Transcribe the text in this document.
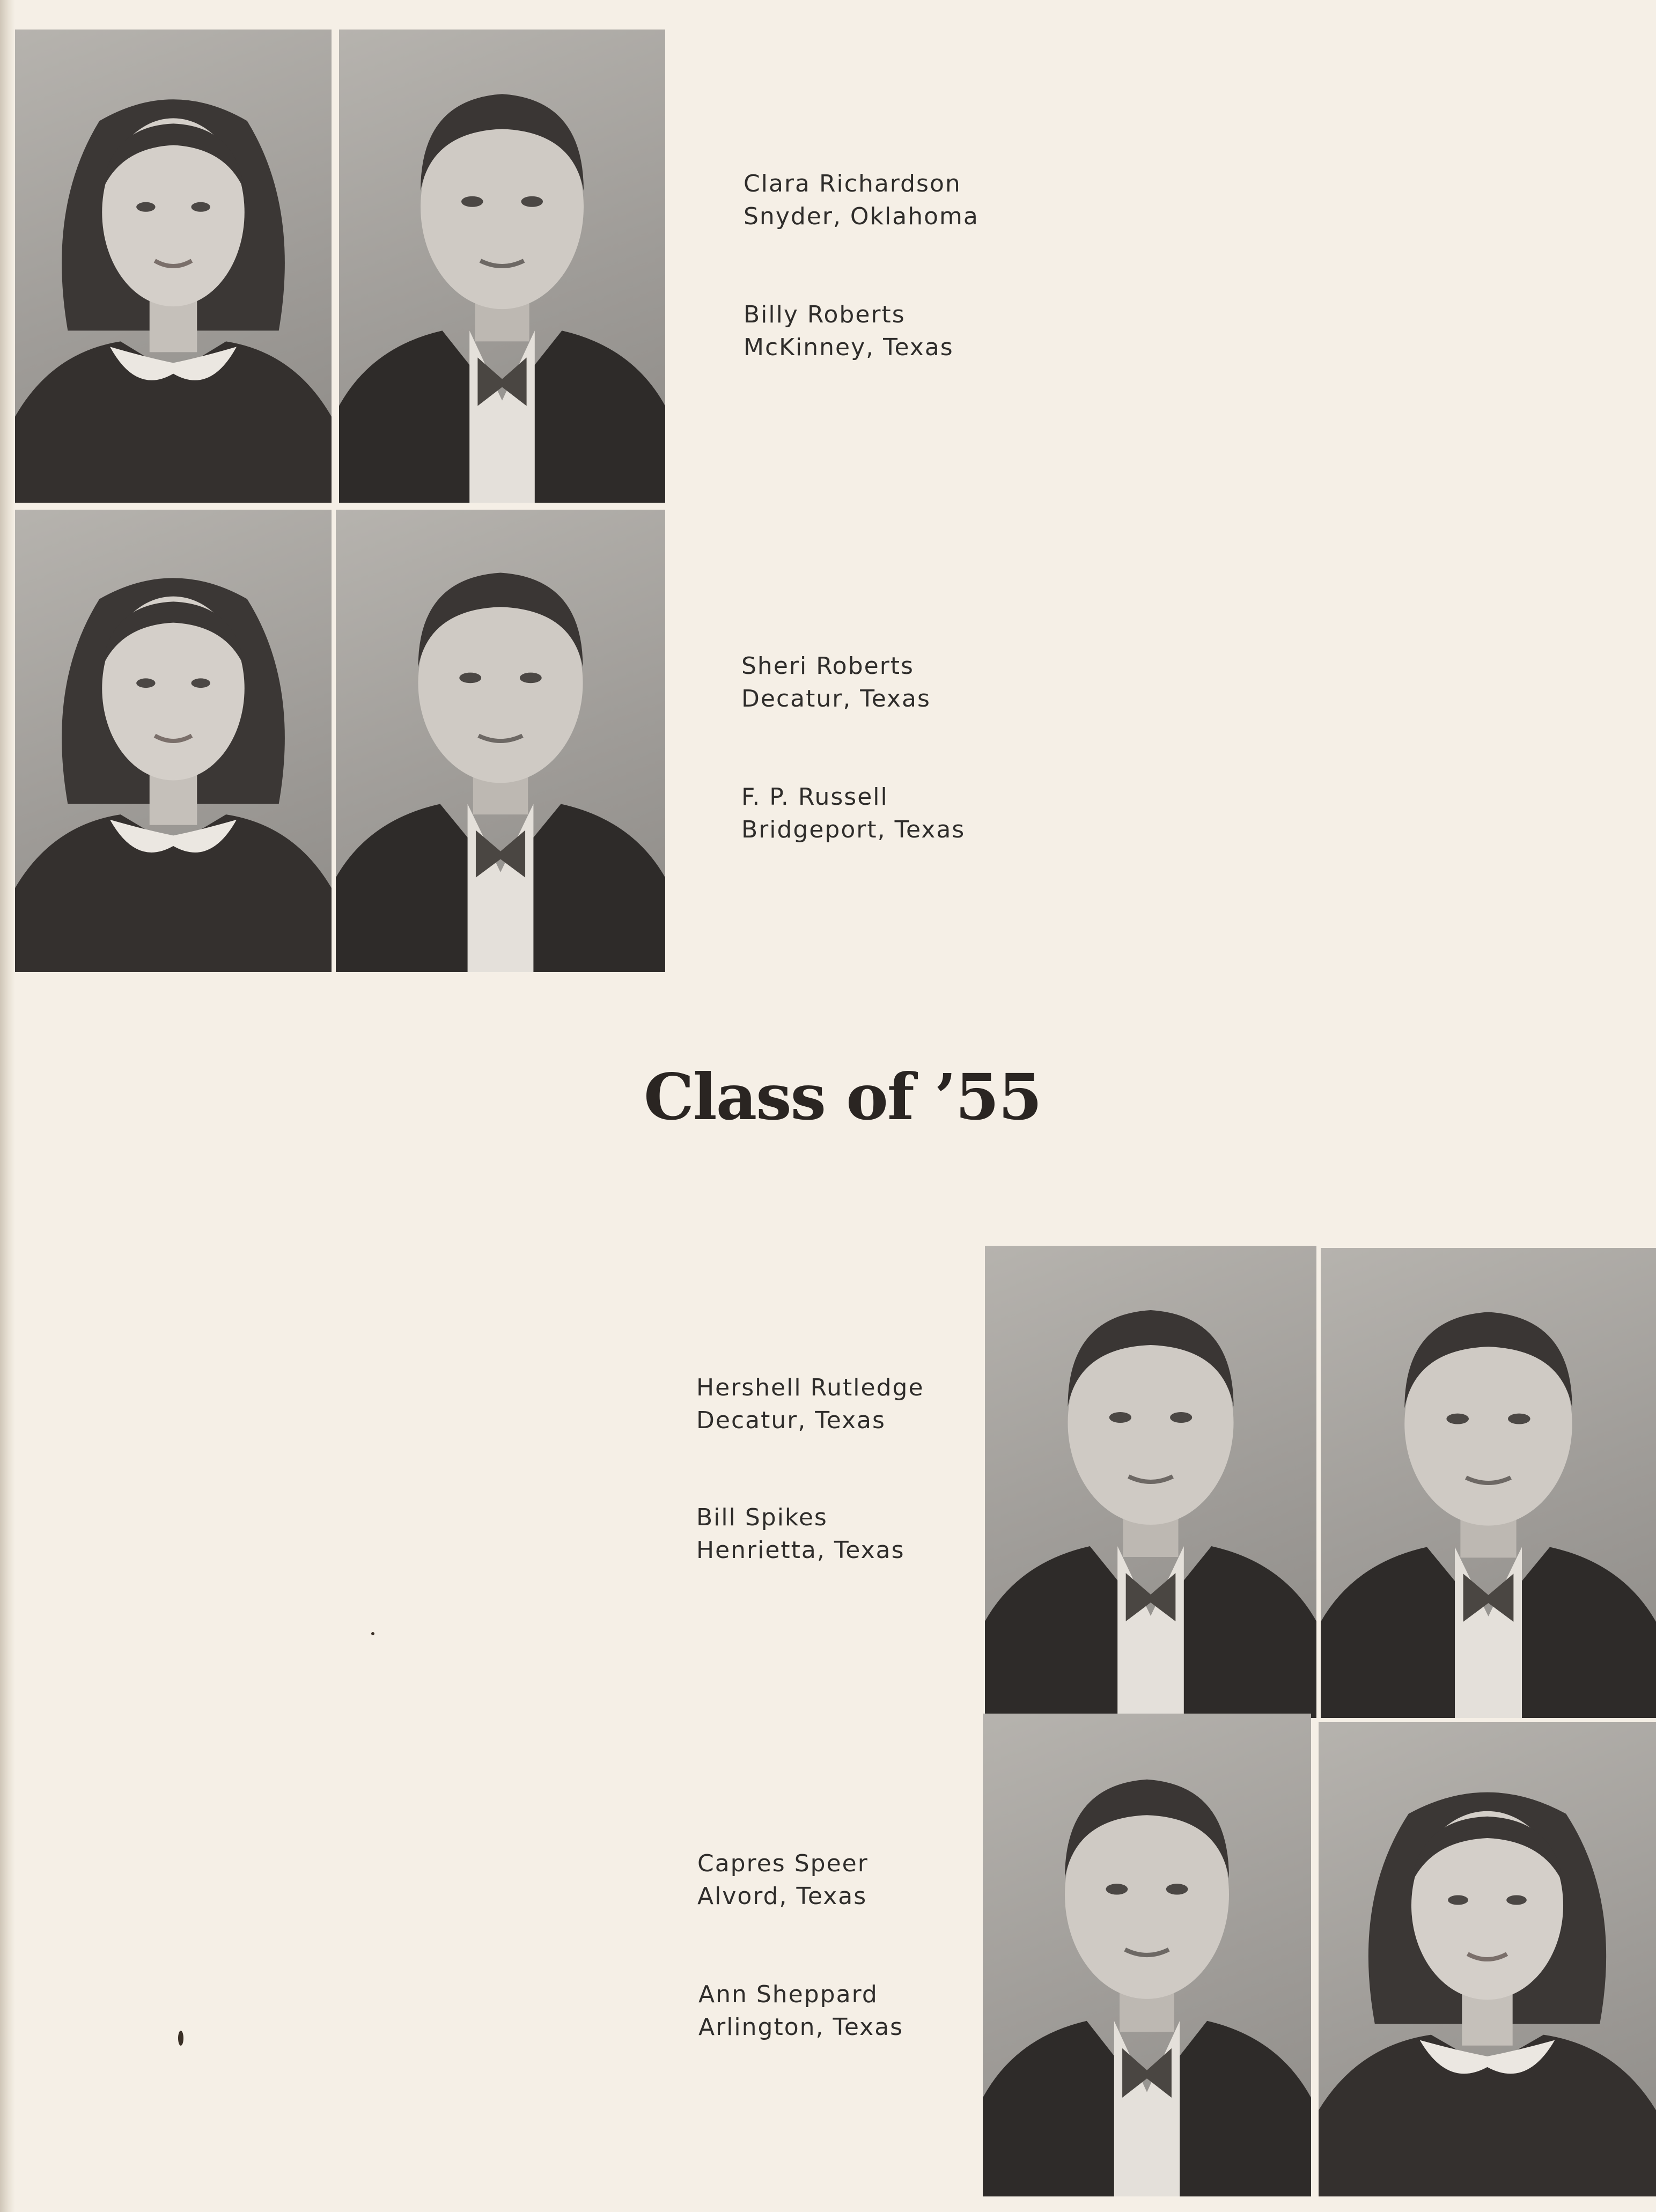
Clara Richardson
Snyder, Oklahoma
Billy Roberts
McKinney, Texas
Sheri Roberts
Decatur, Texas
F. P. Russell
Bridgeport, Texas
Class of ’55
Hershell Rutledge
Decatur, Texas
Bill Spikes
Henrietta, Texas
Capres Speer
Alvord, Texas
Ann Sheppard
Arlington, Texas
